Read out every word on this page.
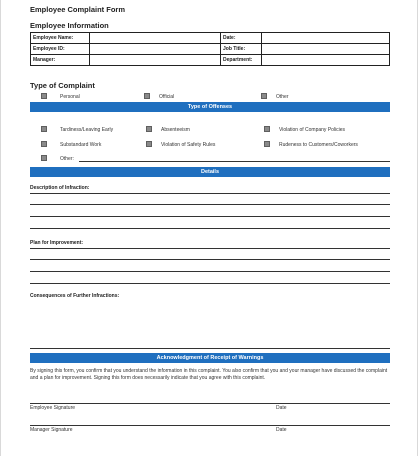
Employee Complaint Form
Employee Information
Employee Name:		Date:	
Employee ID:		Job Title:	
Manager:		Department:	
Type of Complaint
Personal	Official	Other
Type of Offenses
Tardiness/Leaving Early	Absenteeism	Violation of Company Policies
Substandard Work	Violation of Safety Rules	Rudeness to Customers/Coworkers
Other:
Details
Description of Infraction:
Plan for Improvement:
Consequences of Further Infractions:
Acknowledgment of Receipt of Warnings
By signing this form, you confirm that you understand the information in this complaint. You also confirm that you and your manager have discussed the complaint and a plan for improvement. Signing this form does necessarily indicate that you agree with this complaint.
Employee Signature	Date
Manager Signature	Date
